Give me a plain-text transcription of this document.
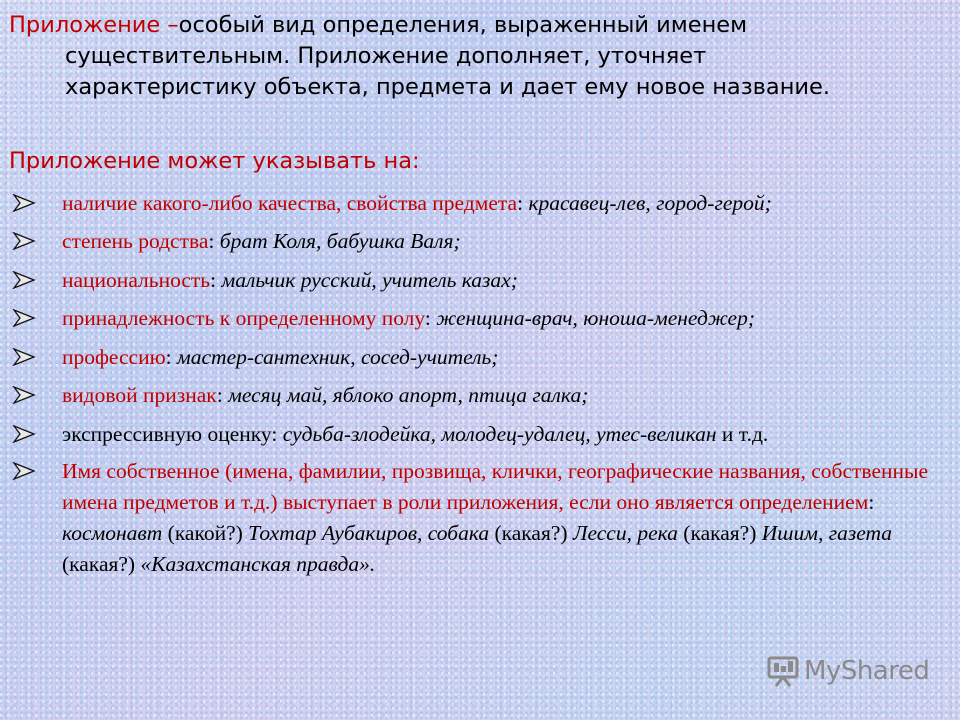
Приложение –особый вид определения, выраженный именем
существительным. Приложение дополняет, уточняет
характеристику объекта, предмета и дает ему новое название.
Приложение может указывать на:
наличие какого-либо качества, свойства предмета: красавец-лев, город-герой;
степень родства: брат Коля, бабушка Валя;
национальность: мальчик русский, учитель казах;
принадлежность к определенному полу: женщина-врач, юноша-менеджер;
профессию: мастер-сантехник, сосед-учитель;
видовой признак: месяц май, яблоко апорт, птица галка;
экспрессивную оценку: судьба-злодейка, молодец-удалец, утес-великан и т.д.
Имя собственное (имена, фамилии, прозвища, клички, географические названия, собственные имена предметов и т.д.) выступает в роли приложения, если оно является определением: космонавт (какой?) Тохтар Аубакиров, собака (какая?) Лесси, река (какая?) Ишим, газета (какая?) «Казахстанская правда».
MyShared
